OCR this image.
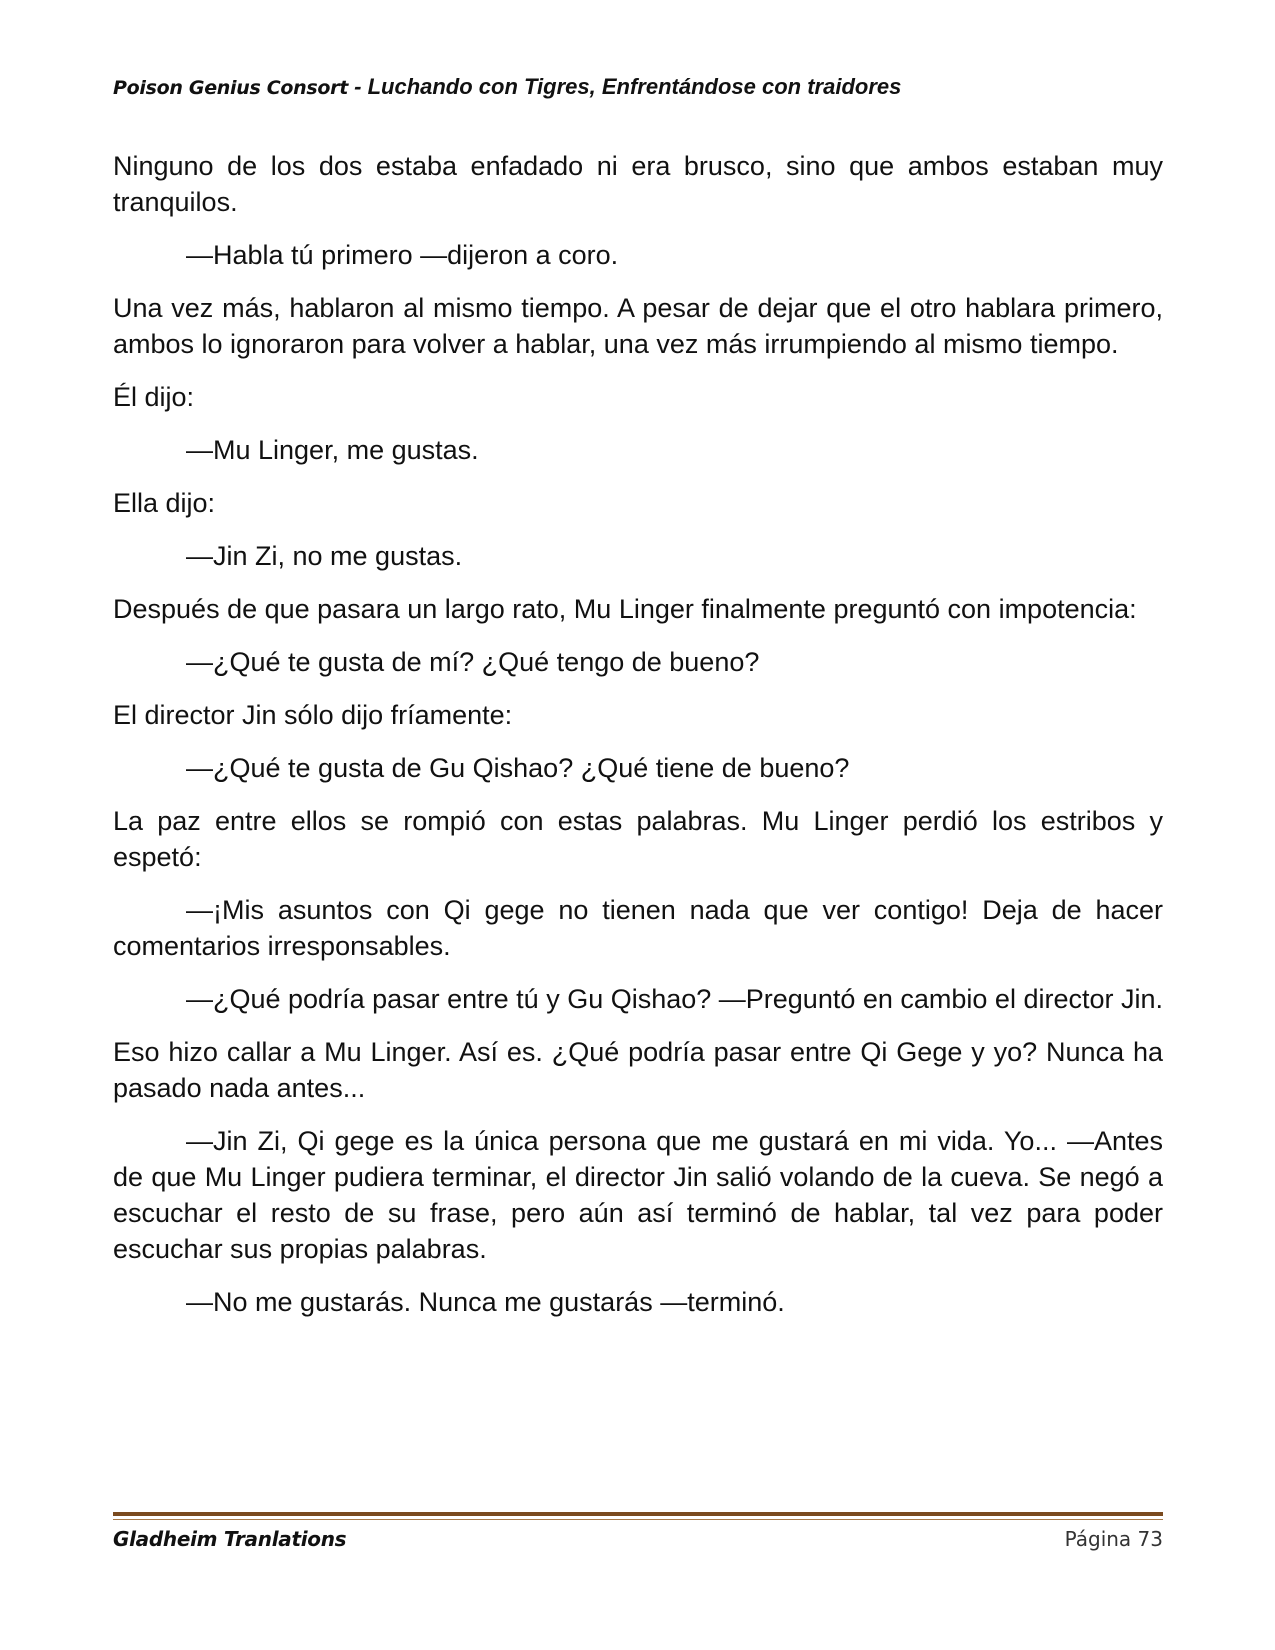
Poison Genius Consort - Luchando con Tigres, Enfrentándose con traidores

Ninguno de los dos estaba enfadado ni era brusco, sino que ambos estaban muy tranquilos.

—Habla tú primero —dijeron a coro.

Una vez más, hablaron al mismo tiempo. A pesar de dejar que el otro hablara primero, ambos lo ignoraron para volver a hablar, una vez más irrumpiendo al mismo tiempo.

Él dijo:

—Mu Linger, me gustas.

Ella dijo:

—Jin Zi, no me gustas.

Después de que pasara un largo rato, Mu Linger finalmente preguntó con impotencia:

—¿Qué te gusta de mí? ¿Qué tengo de bueno?

El director Jin sólo dijo fríamente:

—¿Qué te gusta de Gu Qishao? ¿Qué tiene de bueno?

La paz entre ellos se rompió con estas palabras. Mu Linger perdió los estribos y espetó:

—¡Mis asuntos con Qi gege no tienen nada que ver contigo! Deja de hacer comentarios irresponsables.

—¿Qué podría pasar entre tú y Gu Qishao? —Preguntó en cambio el director Jin.

Eso hizo callar a Mu Linger. Así es. ¿Qué podría pasar entre Qi Gege y yo? Nunca ha pasado nada antes...

—Jin Zi, Qi gege es la única persona que me gustará en mi vida. Yo... —Antes de que Mu Linger pudiera terminar, el director Jin salió volando de la cueva. Se negó a escuchar el resto de su frase, pero aún así terminó de hablar, tal vez para poder escuchar sus propias palabras.

—No me gustarás. Nunca me gustarás —terminó.

Gladheim Tranlations	Página 73
